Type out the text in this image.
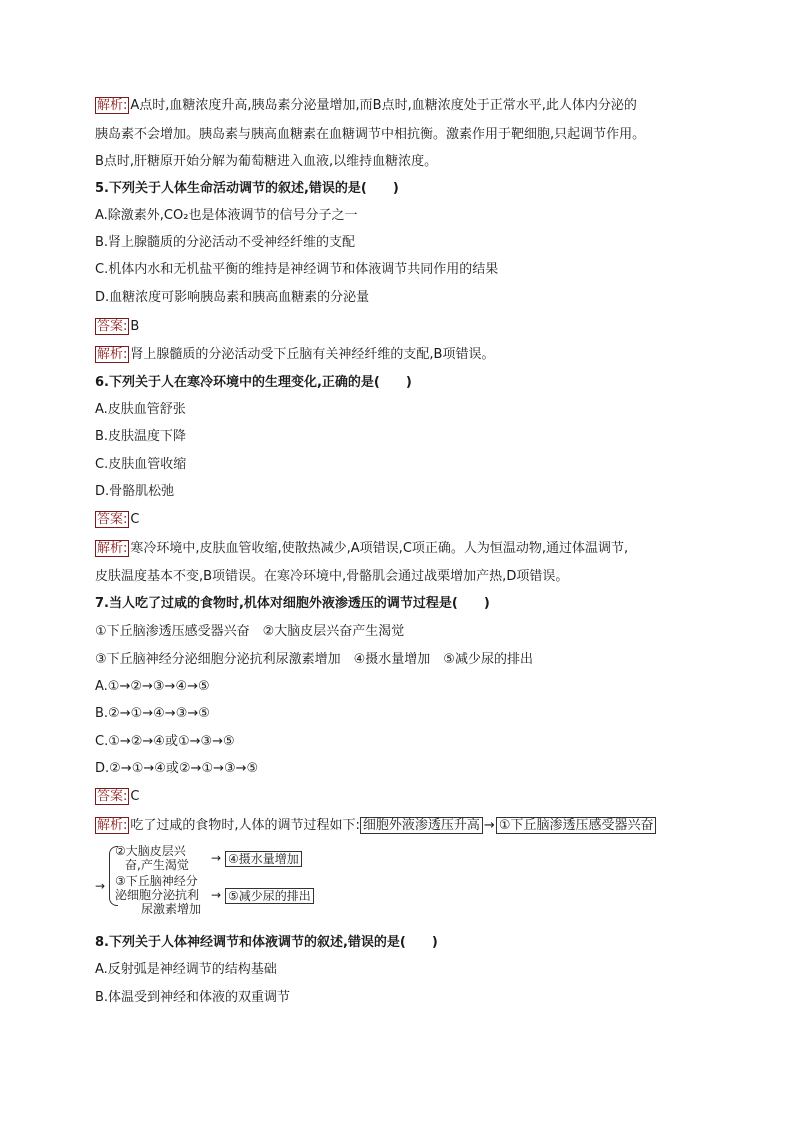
解析: A点时,血糖浓度升高,胰岛素分泌量增加,而B点时,血糖浓度处于正常水平,此人体内分泌的
胰岛素不会增加。胰岛素与胰高血糖素在血糖调节中相抗衡。激素作用于靶细胞,只起调节作用。
B点时,肝糖原开始分解为葡萄糖进入血液,以维持血糖浓度。
5.下列关于人体生命活动调节的叙述,错误的是(　　)
A.除激素外,CO₂也是体液调节的信号分子之一
B.肾上腺髓质的分泌活动不受神经纤维的支配
C.机体内水和无机盐平衡的维持是神经调节和体液调节共同作用的结果
D.血糖浓度可影响胰岛素和胰高血糖素的分泌量
答案: B
解析: 肾上腺髓质的分泌活动受下丘脑有关神经纤维的支配,B项错误。
6.下列关于人在寒冷环境中的生理变化,正确的是(　　)
A.皮肤血管舒张
B.皮肤温度下降
C.皮肤血管收缩
D.骨骼肌松弛
答案: C
解析: 寒冷环境中,皮肤血管收缩,使散热减少,A项错误,C项正确。人为恒温动物,通过体温调节,
皮肤温度基本不变,B项错误。在寒冷环境中,骨骼肌会通过战栗增加产热,D项错误。
7.当人吃了过咸的食物时,机体对细胞外液渗透压的调节过程是(　　)
①下丘脑渗透压感受器兴奋　②大脑皮层兴奋产生渴觉
③下丘脑神经分泌细胞分泌抗利尿激素增加　④摄水量增加　⑤减少尿的排出
A.①→②→③→④→⑤
B.②→①→④→③→⑤
C.①→②→④或①→③→⑤
D.②→①→④或②→①→③→⑤
答案: C
解析: 吃了过咸的食物时,人体的调节过程如下: 细胞外液渗透压升高 → ①下丘脑渗透压感受器兴奋
→
②大脑皮层兴
奋,产生渴觉 → ④摄水量增加
③下丘脑神经分
泌细胞分泌抗利
尿激素增加
→ ⑤减少尿的排出
8.下列关于人体神经调节和体液调节的叙述,错误的是(　　)
A.反射弧是神经调节的结构基础
B.体温受到神经和体液的双重调节
